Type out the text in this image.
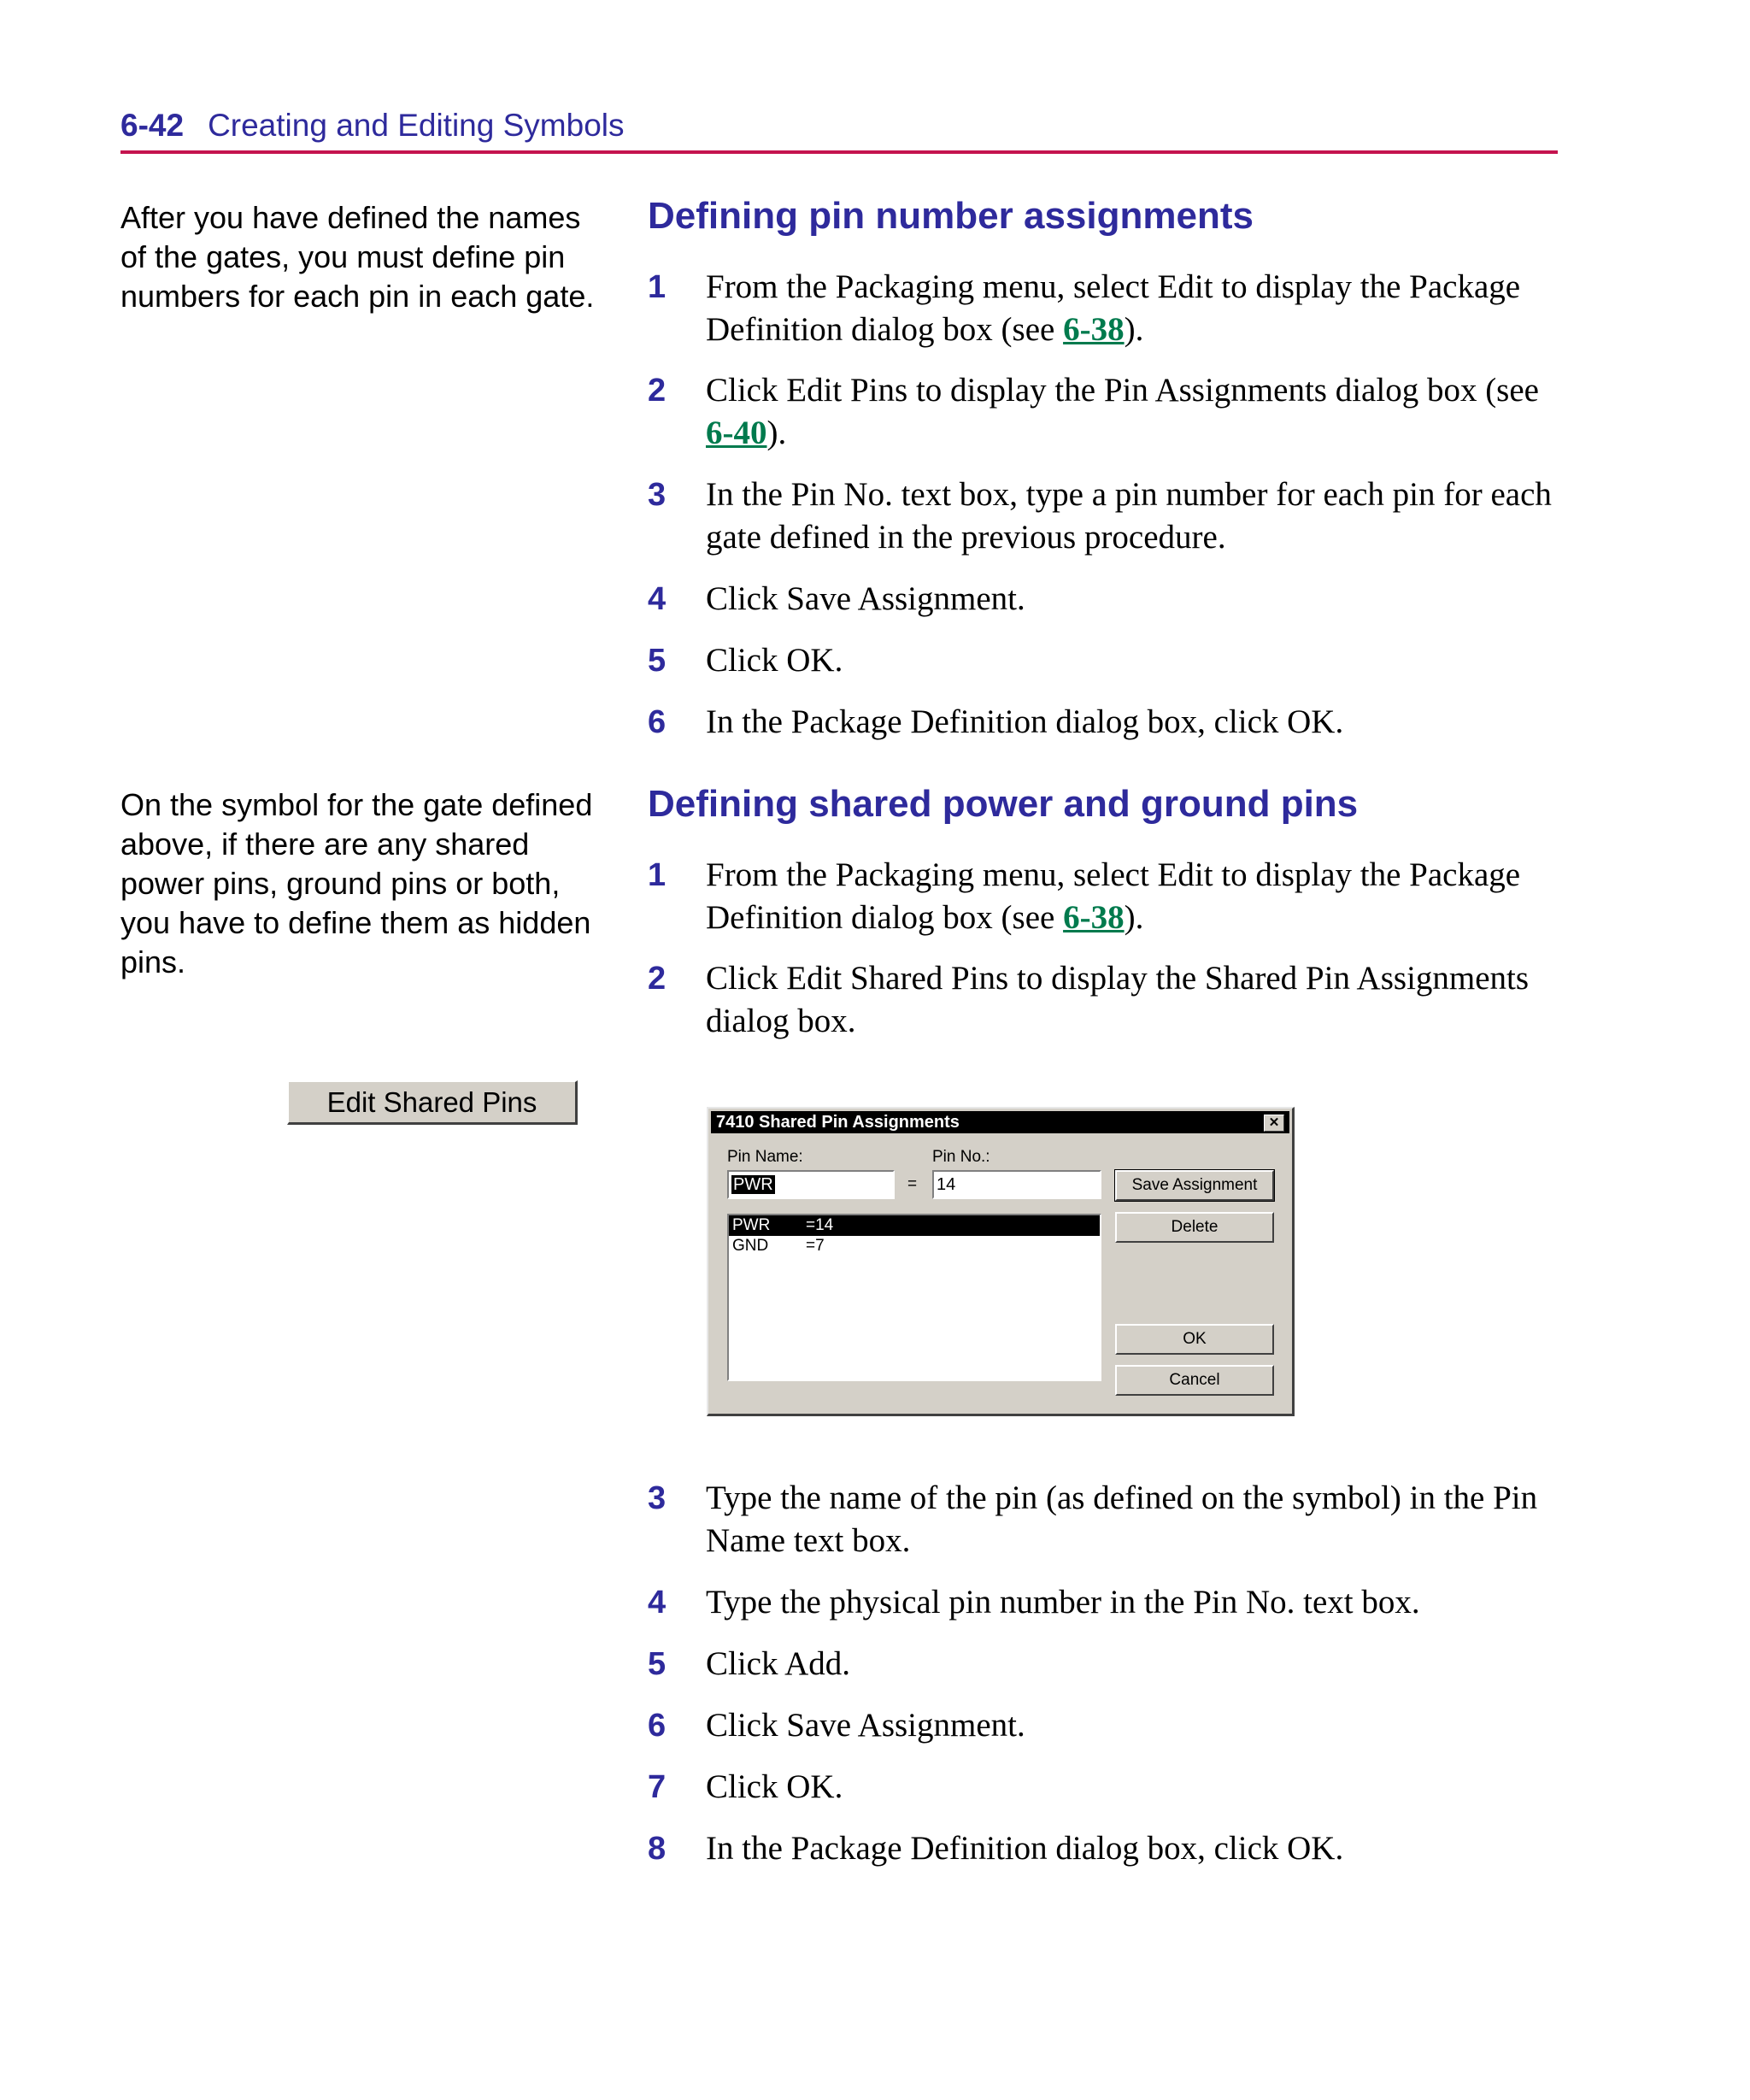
6-42 Creating and Editing Symbols
After you have defined the names of the gates, you must define pin numbers for each pin in each gate.
On the symbol for the gate defined above, if there are any shared power pins, ground pins or both, you have to define them as hidden pins.
Defining pin number assignments
1 From the Packaging menu, select Edit to display the Package Definition dialog box (see 6-38).
2 Click Edit Pins to display the Pin Assignments dialog box (see 6-40).
3 In the Pin No. text box, type a pin number for each pin for each gate defined in the previous procedure.
4 Click Save Assignment.
5 Click OK.
6 In the Package Definition dialog box, click OK.
Defining shared power and ground pins
1 From the Packaging menu, select Edit to display the Package Definition dialog box (see 6-38).
2 Click Edit Shared Pins to display the Shared Pin Assignments dialog box.
Edit Shared Pins
7410 Shared Pin Assignments	✕
Pin Name:	Pin No.:
PWR	= 14	Save Assignment
Delete
PWR	=14
GND	=7
OK
Cancel
3 Type the name of the pin (as defined on the symbol) in the Pin Name text box.
4 Type the physical pin number in the Pin No. text box.
5 Click Add.
6 Click Save Assignment.
7 Click OK.
8 In the Package Definition dialog box, click OK.
